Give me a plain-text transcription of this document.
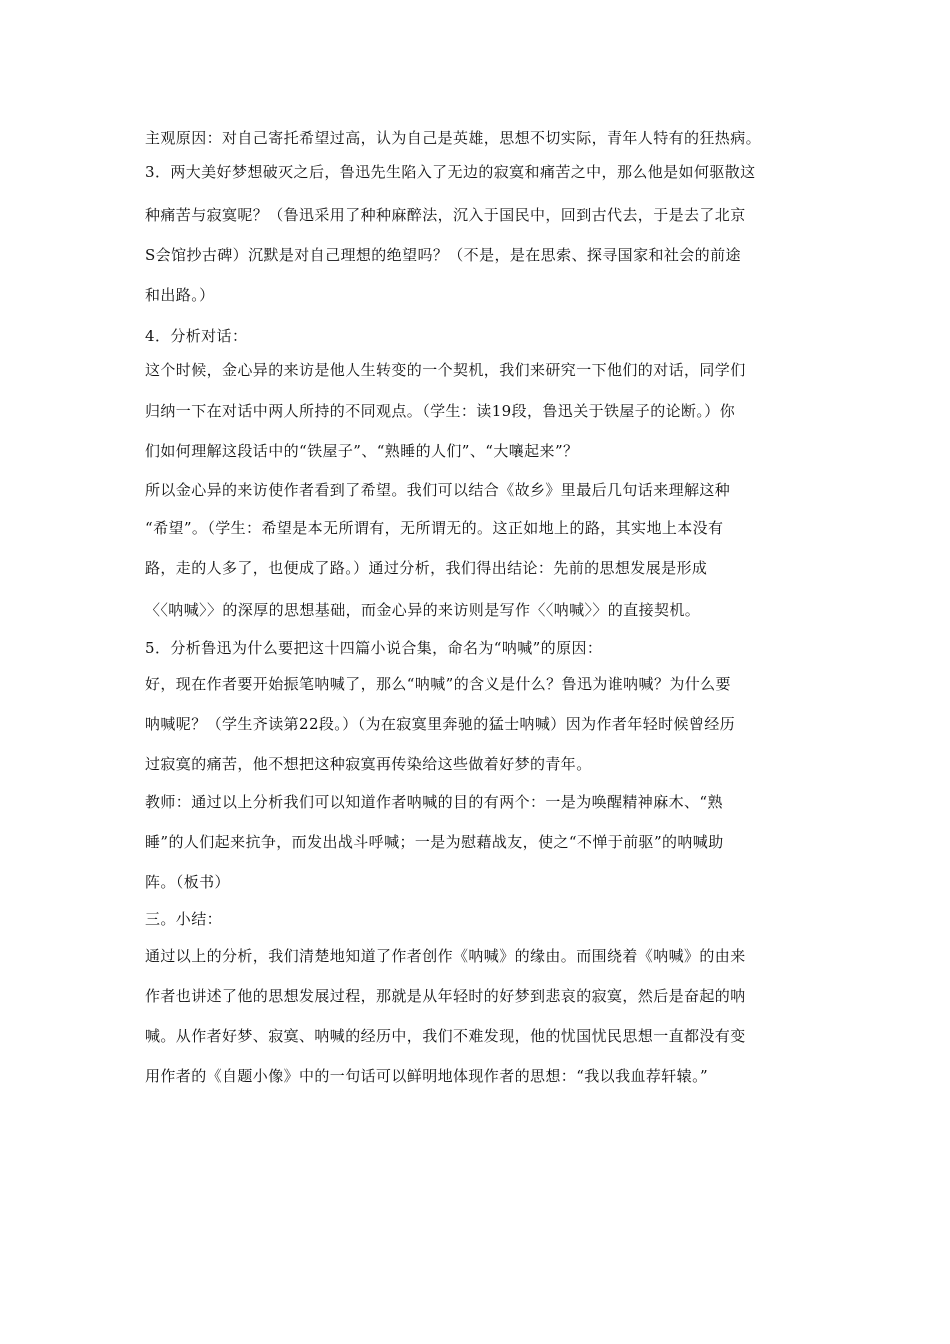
主观原因：对自己寄托希望过高，认为自己是英雄，思想不切实际，青年人特有的狂热病。
3．两大美好梦想破灭之后，鲁迅先生陷入了无边的寂寞和痛苦之中，那么他是如何驱散这
种痛苦与寂寞呢？（鲁迅采用了种种麻醉法，沉入于国民中，回到古代去，于是去了北京
S会馆抄古碑）沉默是对自己理想的绝望吗？（不是，是在思索、探寻国家和社会的前途
和出路。）
4．分析对话：
这个时候，金心异的来访是他人生转变的一个契机，我们来研究一下他们的对话，同学们
归纳一下在对话中两人所持的不同观点。（学生：读19段，鲁迅关于铁屋子的论断。）你
们如何理解这段话中的“铁屋子”、“熟睡的人们”、“大嚷起来”？
所以金心异的来访使作者看到了希望。我们可以结合《故乡》里最后几句话来理解这种
“希望”。（学生：希望是本无所谓有，无所谓无的。这正如地上的路，其实地上本没有
路，走的人多了，也便成了路。）通过分析，我们得出结论：先前的思想发展是形成
〈〈呐喊〉〉的深厚的思想基础，而金心异的来访则是写作〈〈呐喊〉〉的直接契机。
5．分析鲁迅为什么要把这十四篇小说合集，命名为“呐喊”的原因：
好，现在作者要开始振笔呐喊了，那么“呐喊”的含义是什么？鲁迅为谁呐喊？为什么要
呐喊呢？（学生齐读第22段。）（为在寂寞里奔驰的猛士呐喊）因为作者年轻时候曾经历
过寂寞的痛苦，他不想把这种寂寞再传染给这些做着好梦的青年。
教师：通过以上分析我们可以知道作者呐喊的目的有两个：一是为唤醒精神麻木、“熟
睡”的人们起来抗争，而发出战斗呼喊；一是为慰藉战友，使之“不惮于前驱”的呐喊助
阵。（板书）
三。小结：
通过以上的分析，我们清楚地知道了作者创作《呐喊》的缘由。而围绕着《呐喊》的由来
作者也讲述了他的思想发展过程，那就是从年轻时的好梦到悲哀的寂寞，然后是奋起的呐
喊。从作者好梦、寂寞、呐喊的经历中，我们不难发现，他的忧国忧民思想一直都没有变
用作者的《自题小像》中的一句话可以鲜明地体现作者的思想：“我以我血荐轩辕。”
